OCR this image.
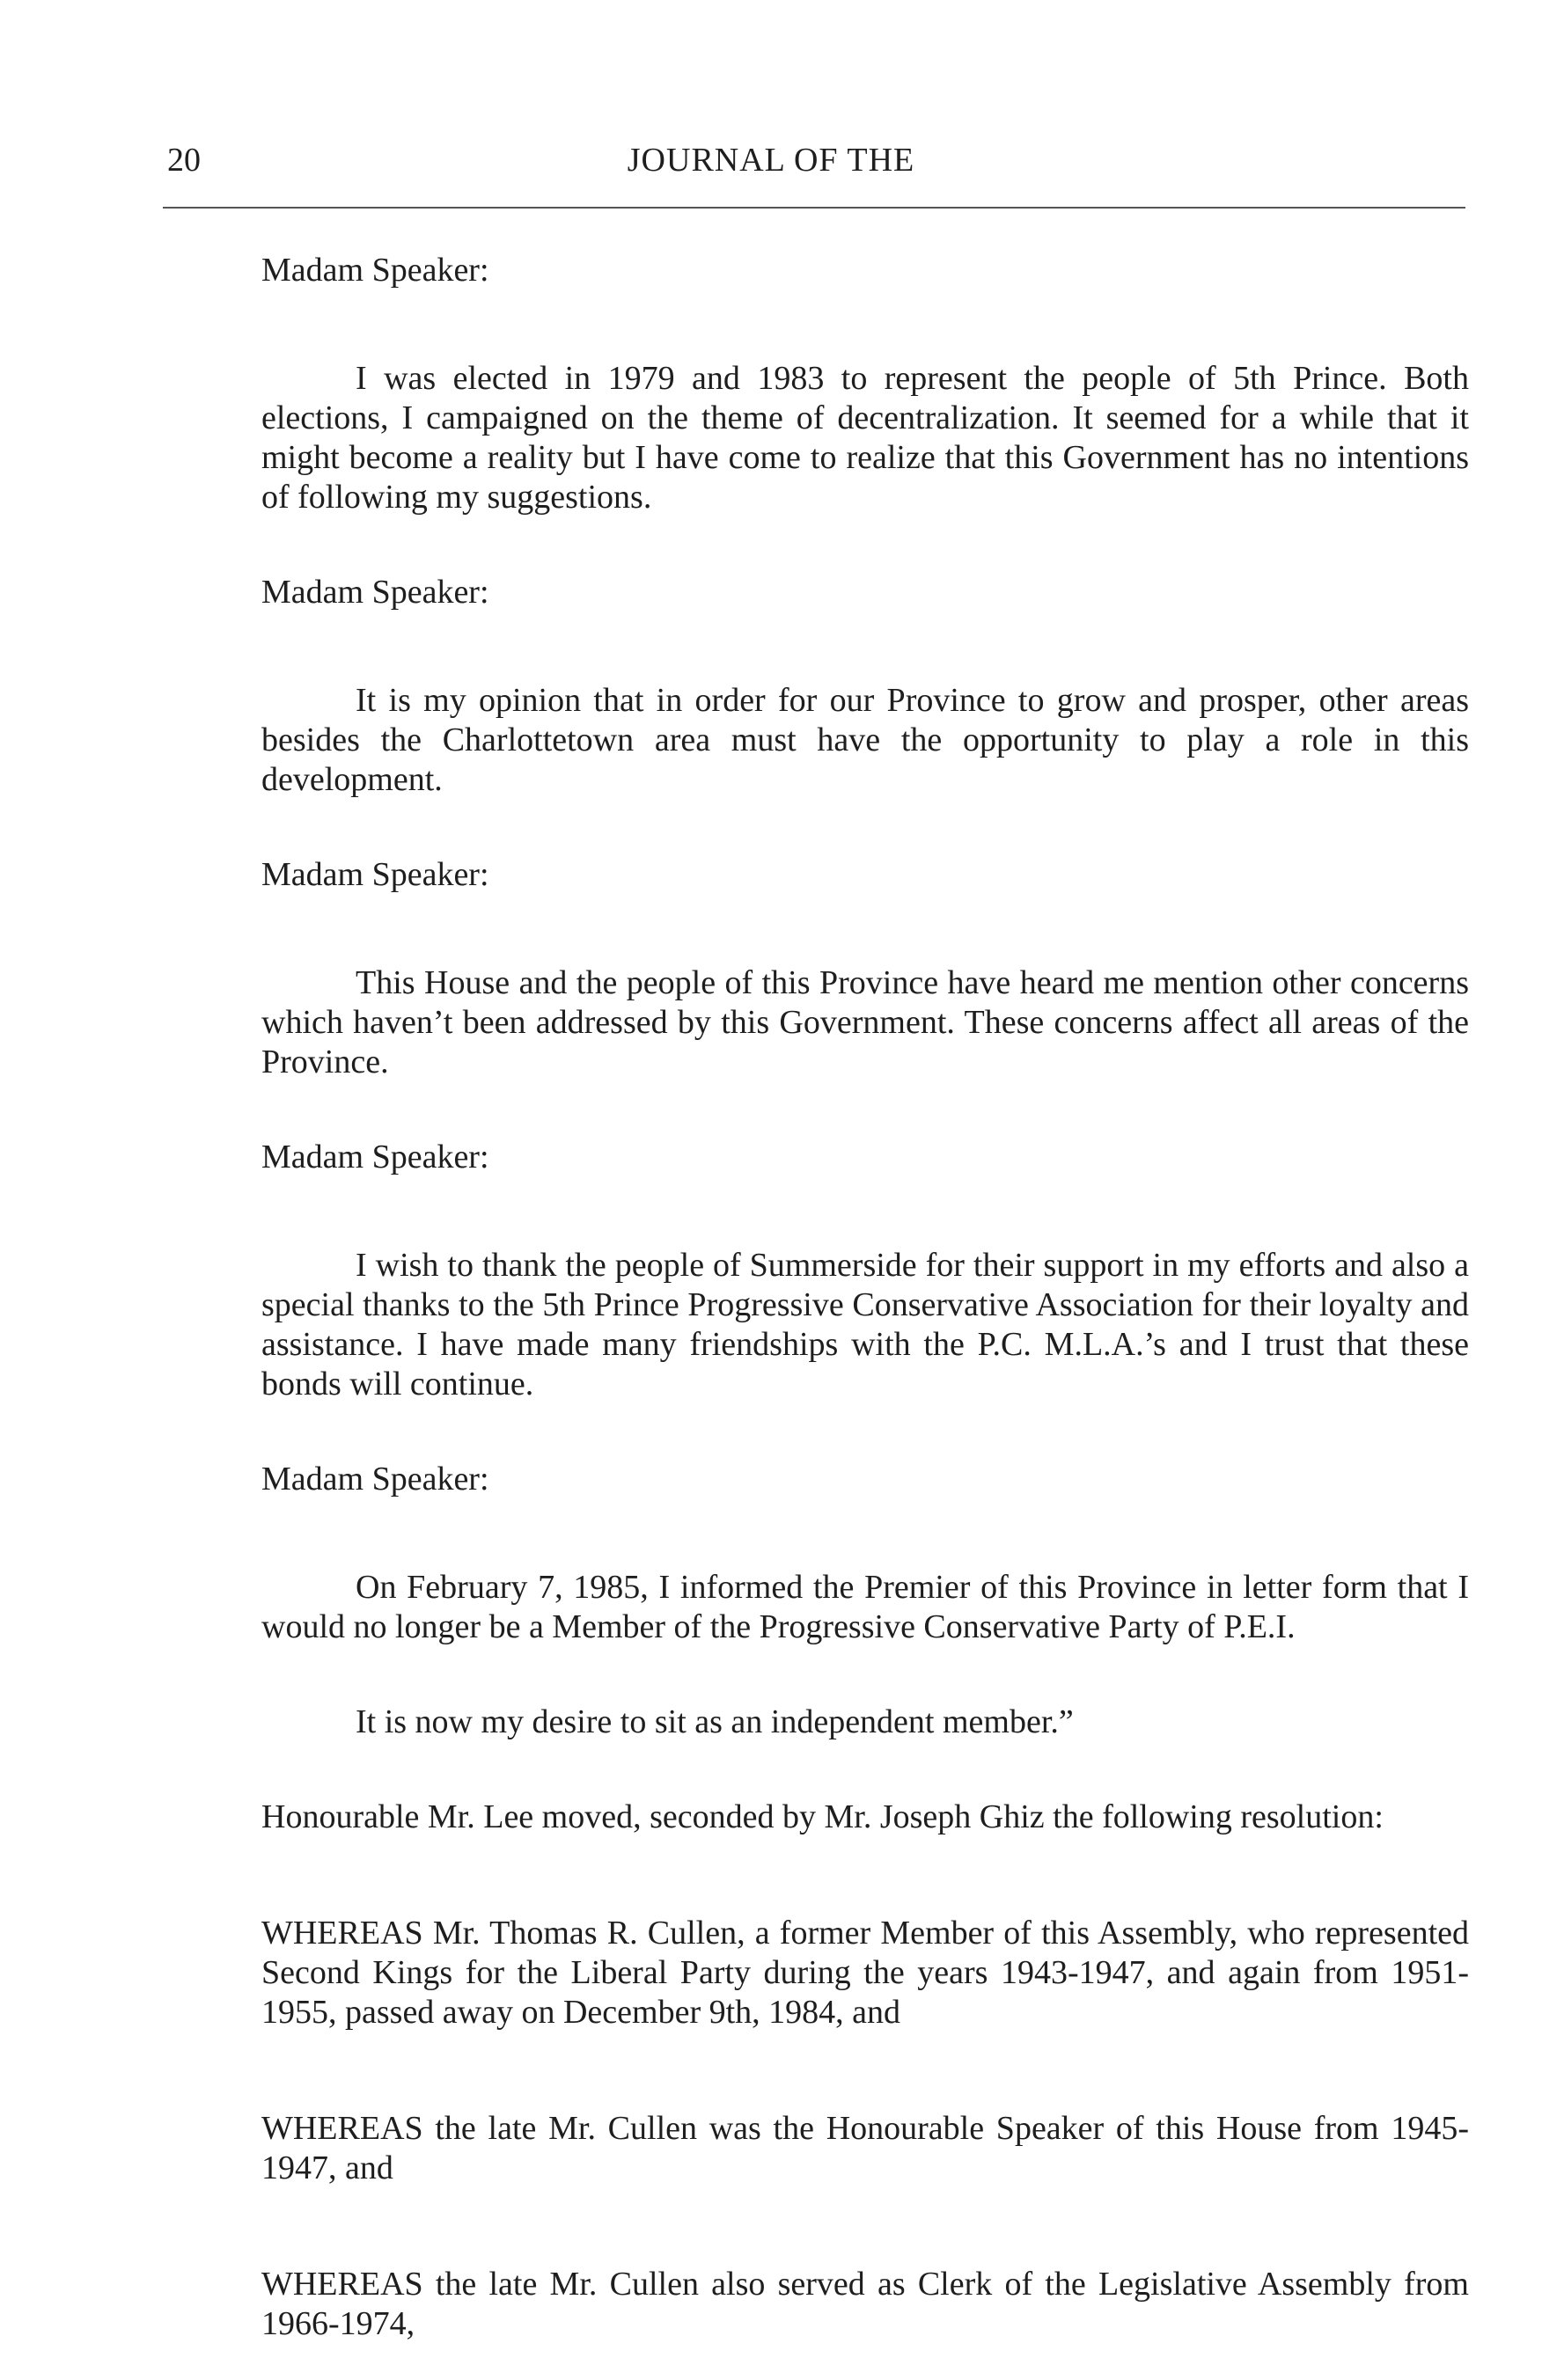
20	JOURNAL OF THE

Madam Speaker:

I was elected in 1979 and 1983 to represent the people of 5th Prince. Both elections, I campaigned on the theme of decentralization. It seemed for a while that it might become a reality but I have come to realize that this Government has no intentions of following my suggestions.

Madam Speaker:

It is my opinion that in order for our Province to grow and prosper, other areas besides the Charlottetown area must have the opportunity to play a role in this development.

Madam Speaker:

This House and the people of this Province have heard me mention other concerns which haven’t been addressed by this Government. These concerns affect all areas of the Province.

Madam Speaker:

I wish to thank the people of Summerside for their support in my efforts and also a special thanks to the 5th Prince Progressive Conservative Association for their loyalty and assistance. I have made many friendships with the P.C. M.L.A.’s and I trust that these bonds will continue.

Madam Speaker:

On February 7, 1985, I informed the Premier of this Province in letter form that I would no longer be a Member of the Progressive Conservative Party of P.E.I.

It is now my desire to sit as an independent member.”

Honourable Mr. Lee moved, seconded by Mr. Joseph Ghiz the following resolution:

WHEREAS Mr. Thomas R. Cullen, a former Member of this Assembly, who represented Second Kings for the Liberal Party during the years 1943-1947, and again from 1951-1955, passed away on December 9th, 1984, and

WHEREAS the late Mr. Cullen was the Honourable Speaker of this House from 1945-1947, and

WHEREAS the late Mr. Cullen also served as Clerk of the Legislative Assembly from 1966-1974,
